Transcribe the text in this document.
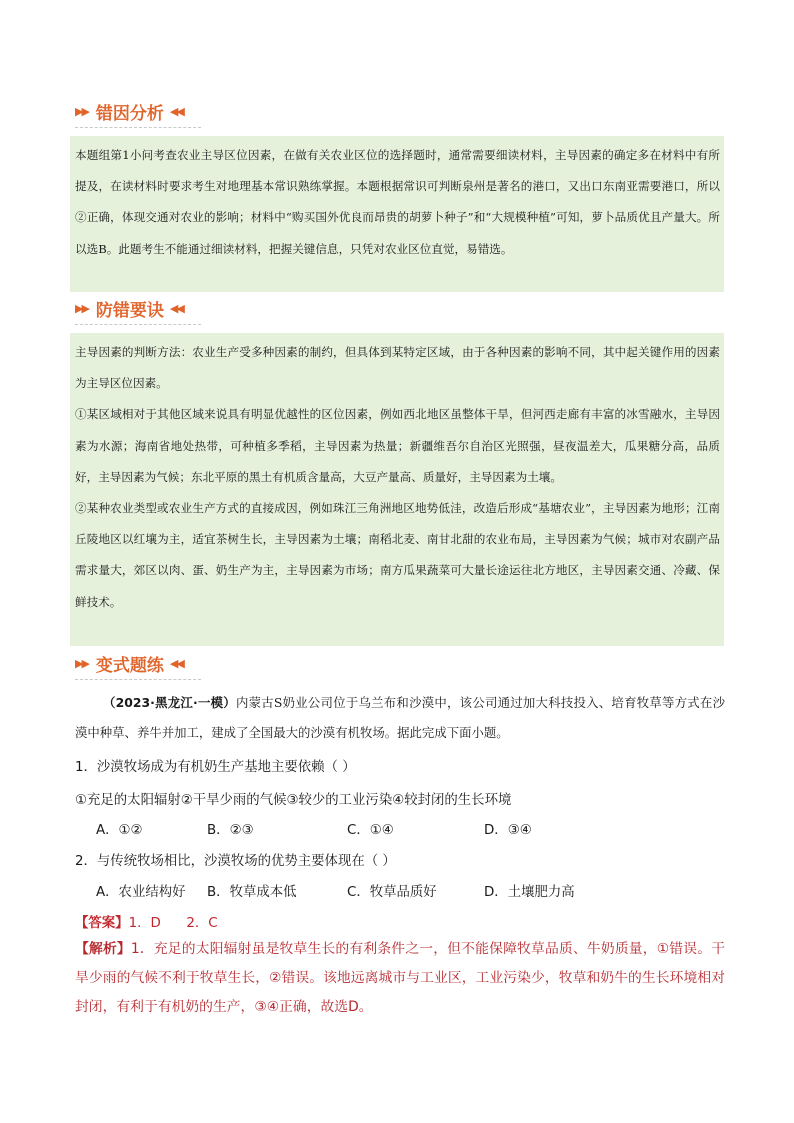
▶▶ 错因分析 ◀◀

本题组第1小问考查农业主导区位因素，在做有关农业区位的选择题时，通常需要细读材料，主导因素的确定多在材料中有所提及，在读材料时要求考生对地理基本常识熟练掌握。本题根据常识可判断泉州是著名的港口，又出口东南亚需要港口，所以②正确，体现交通对农业的影响；材料中“购买国外优良而昂贵的胡萝卜种子”和“大规模种植”可知，萝卜品质优且产量大。所以选B。此题考生不能通过细读材料，把握关键信息，只凭对农业区位直觉，易错选。

▶▶ 防错要诀 ◀◀

主导因素的判断方法：农业生产受多种因素的制约，但具体到某特定区域，由于各种因素的影响不同，其中起关键作用的因素为主导区位因素。

①某区域相对于其他区域来说具有明显优越性的区位因素，例如西北地区虽整体干旱，但河西走廊有丰富的冰雪融水，主导因素为水源；海南省地处热带，可种植多季稻，主导因素为热量；新疆维吾尔自治区光照强，昼夜温差大，瓜果糖分高，品质好，主导因素为气候；东北平原的黑土有机质含量高，大豆产量高、质量好，主导因素为土壤。

②某种农业类型或农业生产方式的直接成因，例如珠江三角洲地区地势低洼，改造后形成“基塘农业”，主导因素为地形；江南丘陵地区以红壤为主，适宜茶树生长，主导因素为土壤；南稻北麦、南甘北甜的农业布局，主导因素为气候；城市对农副产品需求量大，郊区以肉、蛋、奶生产为主，主导因素为市场；南方瓜果蔬菜可大量长途运往北方地区，主导因素交通、冷藏、保鲜技术。

▶▶ 变式题练 ◀◀
（2023·黑龙江·一模）内蒙古S奶业公司位于乌兰布和沙漠中，该公司通过加大科技投入、培育牧草等方式在沙漠中种草、养牛并加工，建成了全国最大的沙漠有机牧场。据此完成下面小题。
1．沙漠牧场成为有机奶生产基地主要依赖（ ）
①充足的太阳辐射②干旱少雨的气候③较少的工业污染④较封闭的生长环境
A．①②	B．②③	C．①④	D．③④
2．与传统牧场相比，沙漠牧场的优势主要体现在（ ）
A．农业结构好	B．牧草成本低	C．牧草品质好	D．土壤肥力高
【答案】1．D      2．C
【解析】1．充足的太阳辐射虽是牧草生长的有利条件之一，但不能保障牧草品质、牛奶质量，①错误。干旱少雨的气候不利于牧草生长，②错误。该地远离城市与工业区，工业污染少，牧草和奶牛的生长环境相对封闭，有利于有机奶的生产，③④正确，故选D。
